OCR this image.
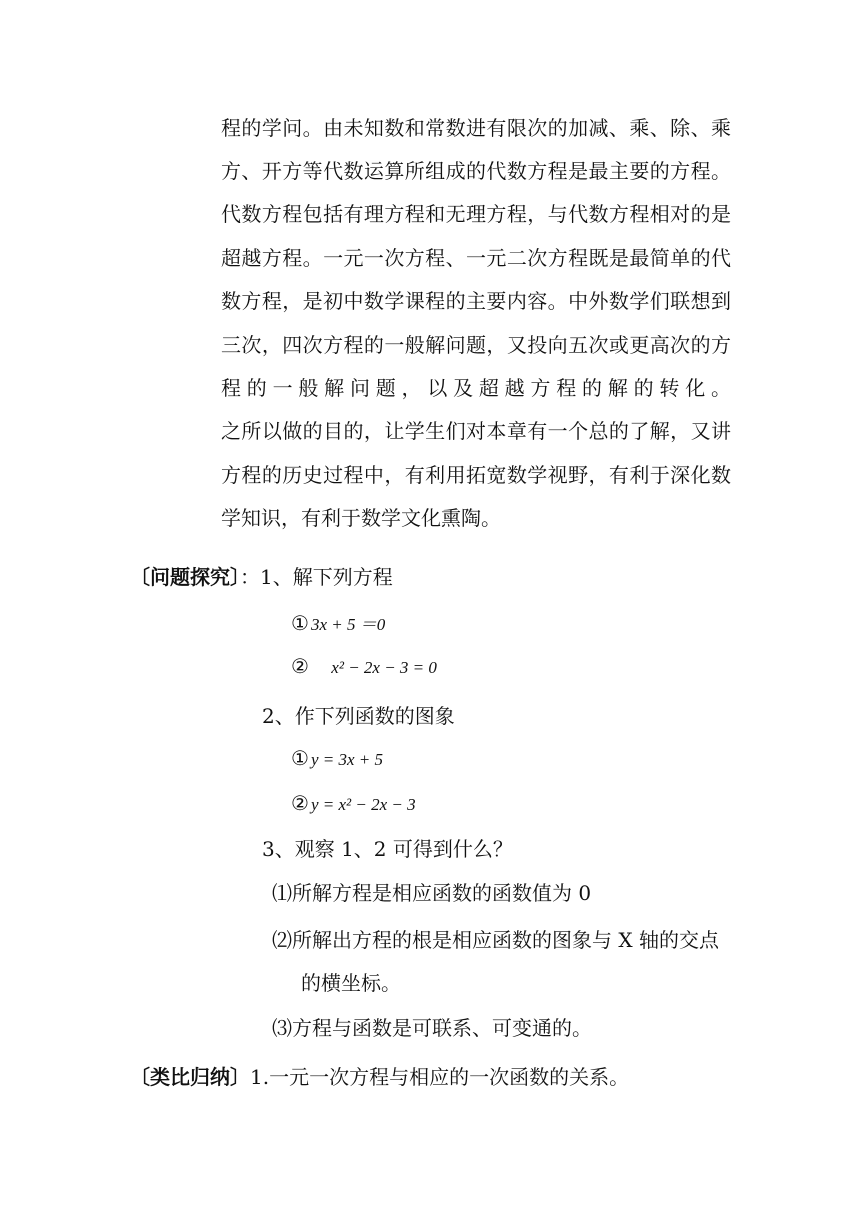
程的学问。由未知数和常数进有限次的加减、乘、除、乘
方、开方等代数运算所组成的代数方程是最主要的方程。
代数方程包括有理方程和无理方程，与代数方程相对的是
超越方程。一元一次方程、一元二次方程既是最简单的代
数方程，是初中数学课程的主要内容。中外数学们联想到
三次，四次方程的一般解问题，又投向五次或更高次的方
程的一般解问题，以及超越方程的解的转化。
之所以做的目的，让学生们对本章有一个总的了解，又讲
方程的历史过程中，有利用拓宽数学视野，有利于深化数
学知识，有利于数学文化熏陶。
〔问题探究〕：1、解下列方程
① 3x + 5 ＝0
② x² − 2x − 3 = 0
2、作下列函数的图象
① y = 3x + 5
② y = x² − 2x − 3
3、观察 1、2 可得到什么？
⑴所解方程是相应函数的函数值为 0
⑵所解出方程的根是相应函数的图象与 X 轴的交点
的横坐标。
⑶方程与函数是可联系、可变通的。
〔类比归纳〕1.一元一次方程与相应的一次函数的关系。
